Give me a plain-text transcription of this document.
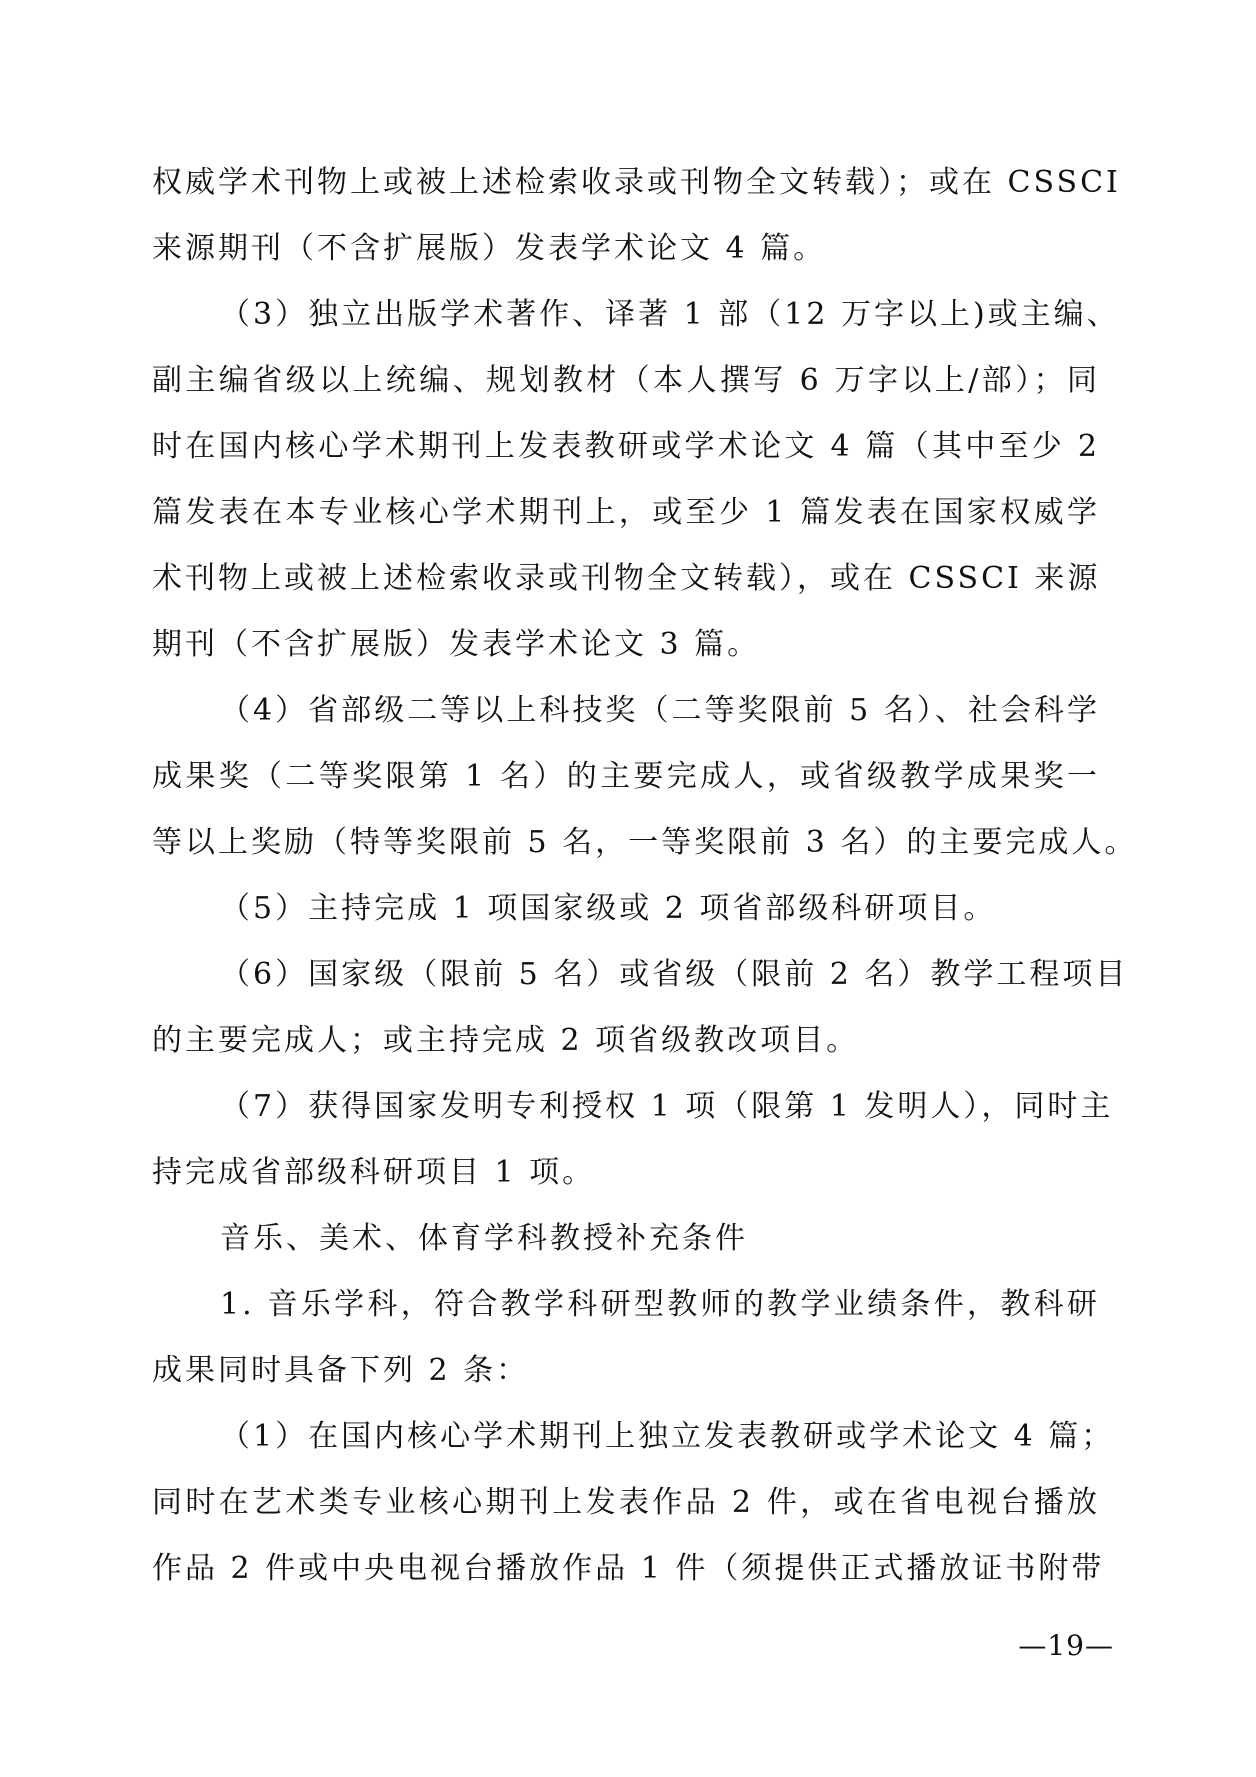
权威学术刊物上或被上述检索收录或刊物全文转载）；或在 CSSCI
来源期刊（不含扩展版）发表学术论文 4 篇。
（3）独立出版学术著作、译著 1 部（12 万字以上)或主编、
副主编省级以上统编、规划教材（本人撰写 6 万字以上/部）；同
时在国内核心学术期刊上发表教研或学术论文 4 篇（其中至少 2
篇发表在本专业核心学术期刊上，或至少 1 篇发表在国家权威学
术刊物上或被上述检索收录或刊物全文转载），或在 CSSCI 来源
期刊（不含扩展版）发表学术论文 3 篇。
（4）省部级二等以上科技奖（二等奖限前 5 名）、社会科学
成果奖（二等奖限第 1 名）的主要完成人，或省级教学成果奖一
等以上奖励（特等奖限前 5 名，一等奖限前 3 名）的主要完成人。
（5）主持完成 1 项国家级或 2 项省部级科研项目。
（6）国家级（限前 5 名）或省级（限前 2 名）教学工程项目
的主要完成人；或主持完成 2 项省级教改项目。
（7）获得国家发明专利授权 1 项（限第 1 发明人），同时主
持完成省部级科研项目 1 项。
音乐、美术、体育学科教授补充条件
1. 音乐学科，符合教学科研型教师的教学业绩条件，教科研
成果同时具备下列 2 条：
（1）在国内核心学术期刊上独立发表教研或学术论文 4 篇；
同时在艺术类专业核心期刊上发表作品 2 件，或在省电视台播放
作品 2 件或中央电视台播放作品 1 件（须提供正式播放证书附带
—19—
